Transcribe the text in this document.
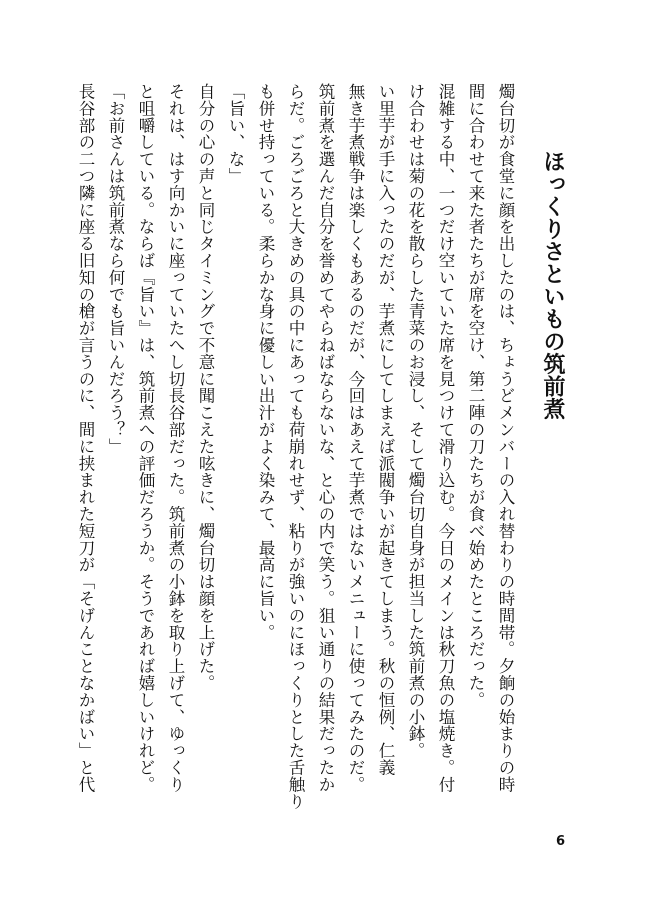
ほっくりさといもの筑前煮
燭台切が食堂に顔を出したのは、ちょうどメンバーの入れ替わりの時間帯。夕餉の始まりの時
間に合わせて来た者たちが席を空け、第二陣の刀たちが食べ始めたところだった。
混雑する中、一つだけ空いていた席を見つけて滑り込む。今日のメインは秋刀魚の塩焼き。付
け合わせは菊の花を散らした青菜のお浸し、そして燭台切自身が担当した筑前煮の小鉢。
い里芋が手に入ったのだが、芋煮にしてしまえば派閥争いが起きてしまう。秋の恒例、仁義
無き芋煮戦争は楽しくもあるのだが、今回はあえて芋煮ではないメニューに使ってみたのだ。
筑前煮を選んだ自分を誉めてやらねばならないな、と心の内で笑う。狙い通りの結果だったか
らだ。ごろごろと大きめの具の中にあっても荷崩れせず、粘りが強いのにほっくりとした舌触り
も併せ持っている。柔らかな身に優しい出汁がよく染みて、最高に旨い。
「旨い、な」
自分の心の声と同じタイミングで不意に聞こえた呟きに、燭台切は顔を上げた。
それは、はす向かいに座っていたへし切長谷部だった。筑前煮の小鉢を取り上げて、ゆっくり
と咀嚼している。ならば『旨い』は、筑前煮への評価だろうか。そうであれば嬉しいけれど。
「お前さんは筑前煮なら何でも旨いんだろう？」
長谷部の二つ隣に座る旧知の槍が言うのに、間に挟まれた短刀が「そげんことなかばい」と代
6
